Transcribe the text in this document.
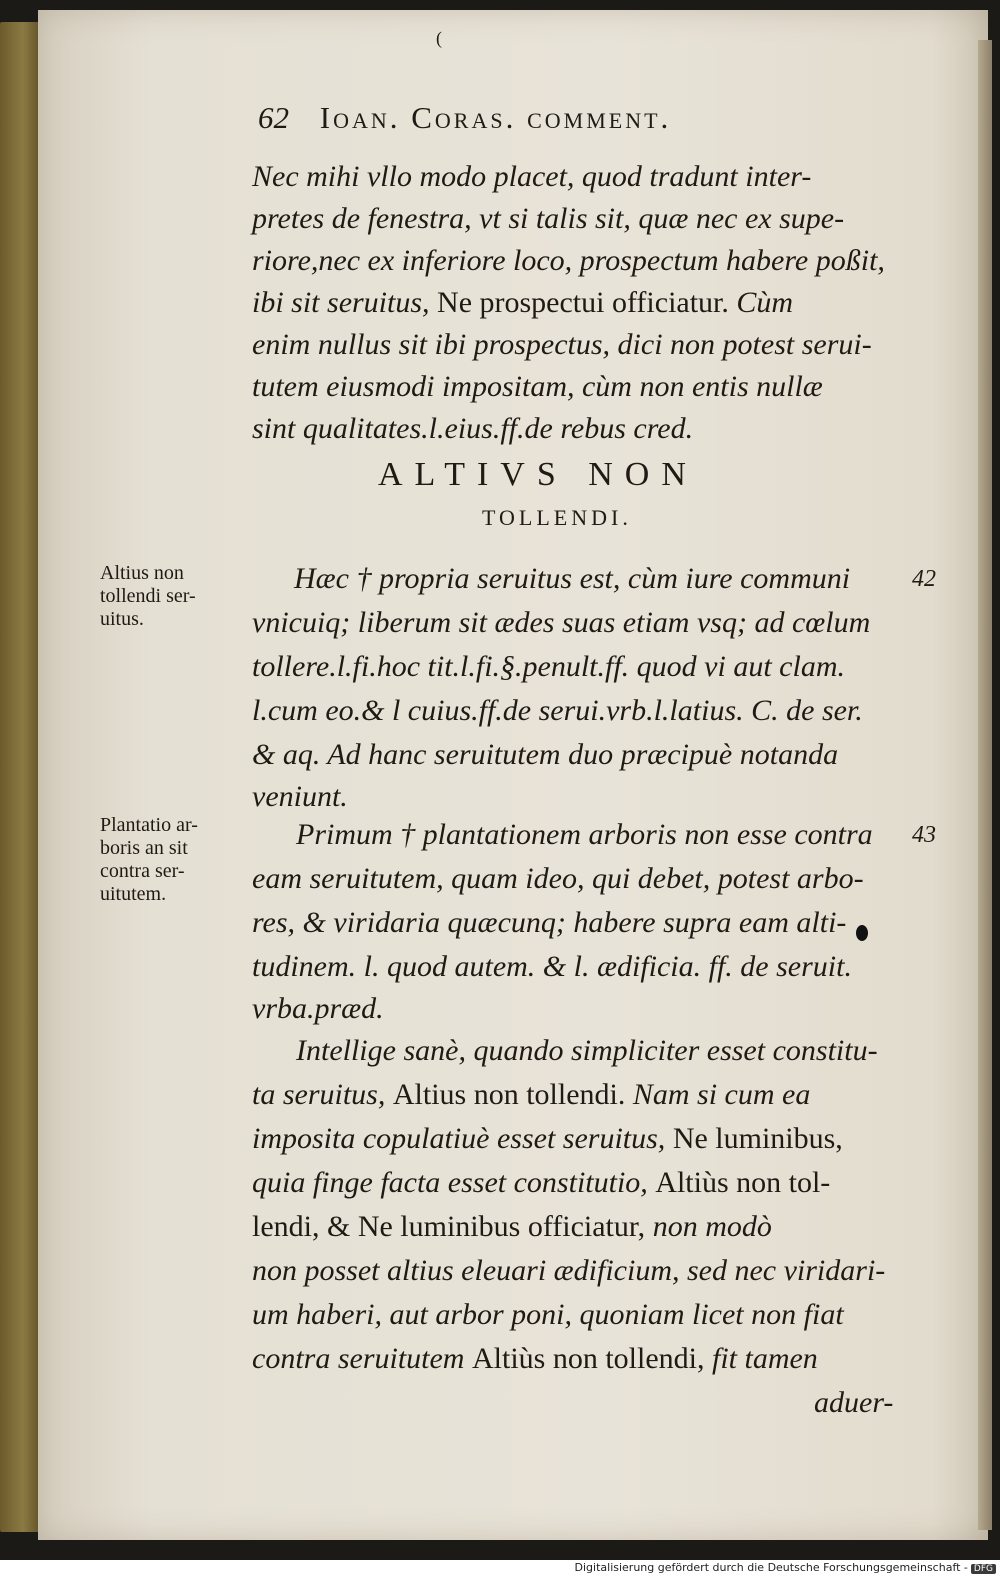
(
62 Ioan. Coras. comment.
Nec mihi vllo modo placet, quod tradunt inter-
pretes de fenestra, vt si talis sit, quæ nec ex supe-
riore,nec ex inferiore loco, prospectum habere poßit,
ibi sit seruitus, Ne prospectui officiatur. Cùm
enim nullus sit ibi prospectus, dici non potest serui-
tutem eiusmodi impositam, cùm non entis nullæ
sint qualitates.l.eius.ff.de rebus cred.
ALTIVS NON
TOLLENDI.
Altius non
tollendi ser-
uitus.
42
Hæc † propria seruitus est, cùm iure communi
vnicuiq; liberum sit ædes suas etiam vsq; ad cœlum
tollere.l.fi.hoc tit.l.fi.§.penult.ff. quod vi aut clam.
l.cum eo.& l cuius.ff.de serui.vrb.l.latius. C. de ser.
& aq. Ad hanc seruitutem duo præcipuè notanda
veniunt.
Plantatio ar-
boris an sit
contra ser-
uitutem.
43
Primum † plantationem arboris non esse contra
eam seruitutem, quam ideo, qui debet, potest arbo-
res, & viridaria quæcunq; habere supra eam alti-
tudinem. l. quod autem. & l. ædificia. ff. de seruit.
vrba.præd.
Intellige sanè, quando simpliciter esset constitu-
ta seruitus, Altius non tollendi. Nam si cum ea
imposita copulatiuè esset seruitus, Ne luminibus,
quia finge facta esset constitutio, Altiùs non tol-
lendi, & Ne luminibus officiatur, non modò
non posset altius eleuari ædificium, sed nec viridari-
um haberi, aut arbor poni, quoniam licet non fiat
contra seruitutem Altiùs non tollendi, fit tamen
aduer-
Digitalisierung gefördert durch die Deutsche Forschungsgemeinschaft - DFG
